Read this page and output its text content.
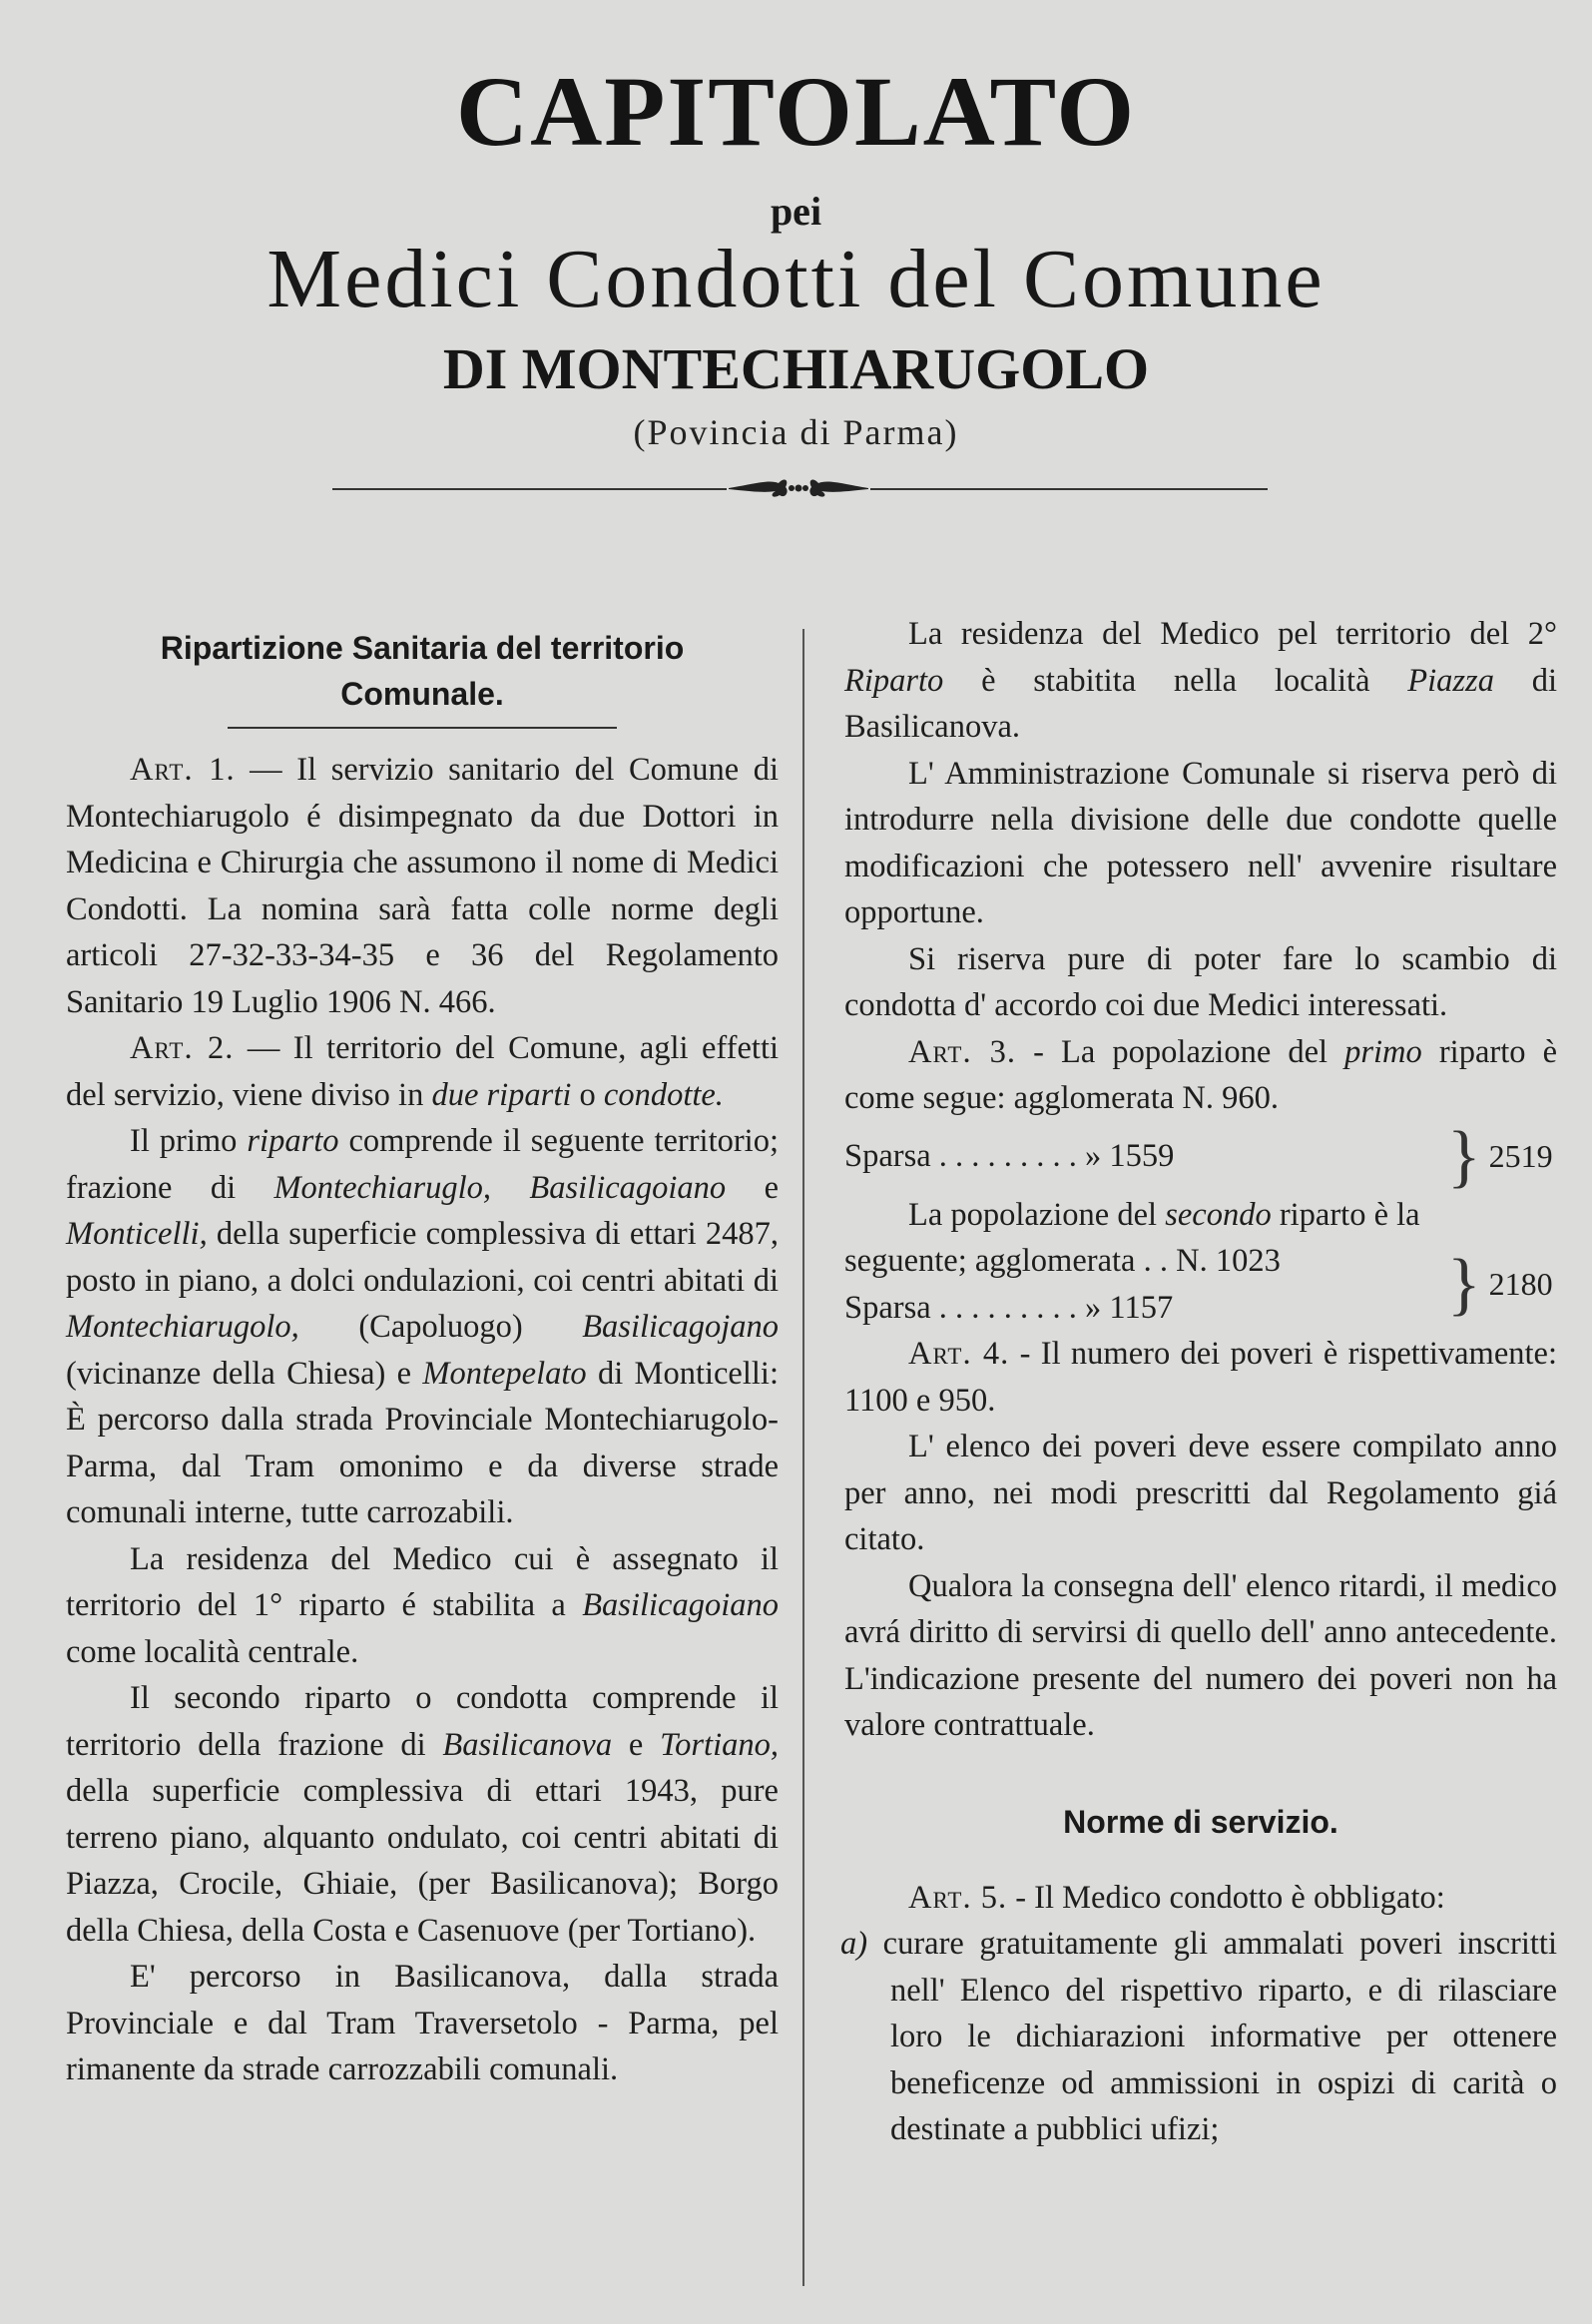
CAPITOLATO
pei
Medici Condotti del Comune
DI MONTECHIARUGOLO
(Povincia di Parma)
Ripartizione Sanitaria del territorio
Comunale.

Art. 1. — Il servizio sanitario del Comune di Montechiarugolo é disimpegnato da due Dottori in Medicina e Chirurgia che assumono il nome di Medici Condotti. La nomina sarà fatta colle norme degli articoli 27-32-33-34-35 e 36 del Regolamento Sanitario 19 Luglio 1906 N. 466.

Art. 2. — Il territorio del Comune, agli effetti del servizio, viene diviso in due riparti o condotte.

Il primo riparto comprende il seguente territorio; frazione di Montechiaruglo, Basilicagoiano e Monticelli, della superficie complessiva di ettari 2487, posto in piano, a dolci ondulazioni, coi centri abitati di Montechiarugolo, (Capoluogo) Basilicagojano (vicinanze della Chiesa) e Montepelato di Monticelli: È percorso dalla strada Provinciale Montechiarugolo-Parma, dal Tram omonimo e da diverse strade comunali interne, tutte carrozabili.

La residenza del Medico cui è assegnato il territorio del 1° riparto é stabilita a Basilicagoiano come località centrale.

Il secondo riparto o condotta comprende il territorio della frazione di Basilicanova e Tortiano, della superficie complessiva di ettari 1943, pure terreno piano, alquanto ondulato, coi centri abitati di Piazza, Crocile, Ghiaie, (per Basilicanova); Borgo della Chiesa, della Costa e Casenuove (per Tortiano).

E' percorso in Basilicanova, dalla strada Provinciale e dal Tram Traversetolo - Parma, pel rimanente da strade carrozzabili comunali.

La residenza del Medico pel territorio del 2° Riparto è stabitita nella località Piazza di Basilicanova.

L' Amministrazione Comunale si riserva però di introdurre nella divisione delle due condotte quelle modificazioni che potessero nell' avvenire risultare opportune.

Si riserva pure di poter fare lo scambio di condotta d' accordo coi due Medici interessati.

Art. 3. - La popolazione del primo riparto è come segue: agglomerata N. 960.

Sparsa . . . . . . . . . » 1559	} 2519

La popolazione del secondo riparto è la

seguente; agglomerata . . N. 1023

Sparsa . . . . . . . . . » 1157	} 2180

Art. 4. - Il numero dei poveri è rispettivamente: 1100 e 950.

L' elenco dei poveri deve essere compilato anno per anno, nei modi prescritti dal Regolamento giá citato.

Qualora la consegna dell' elenco ritardi, il medico avrá diritto di servirsi di quello dell' anno antecedente. L'indicazione presente del numero dei poveri non ha valore contrattuale.

Norme di servizio.

Art. 5. - Il Medico condotto è obbligato:

a) curare gratuitamente gli ammalati poveri inscritti nell' Elenco del rispettivo riparto, e di rilasciare loro le dichiarazioni informative per ottenere beneficenze od ammissioni in ospizi di carità o destinate a pubblici ufizi;
